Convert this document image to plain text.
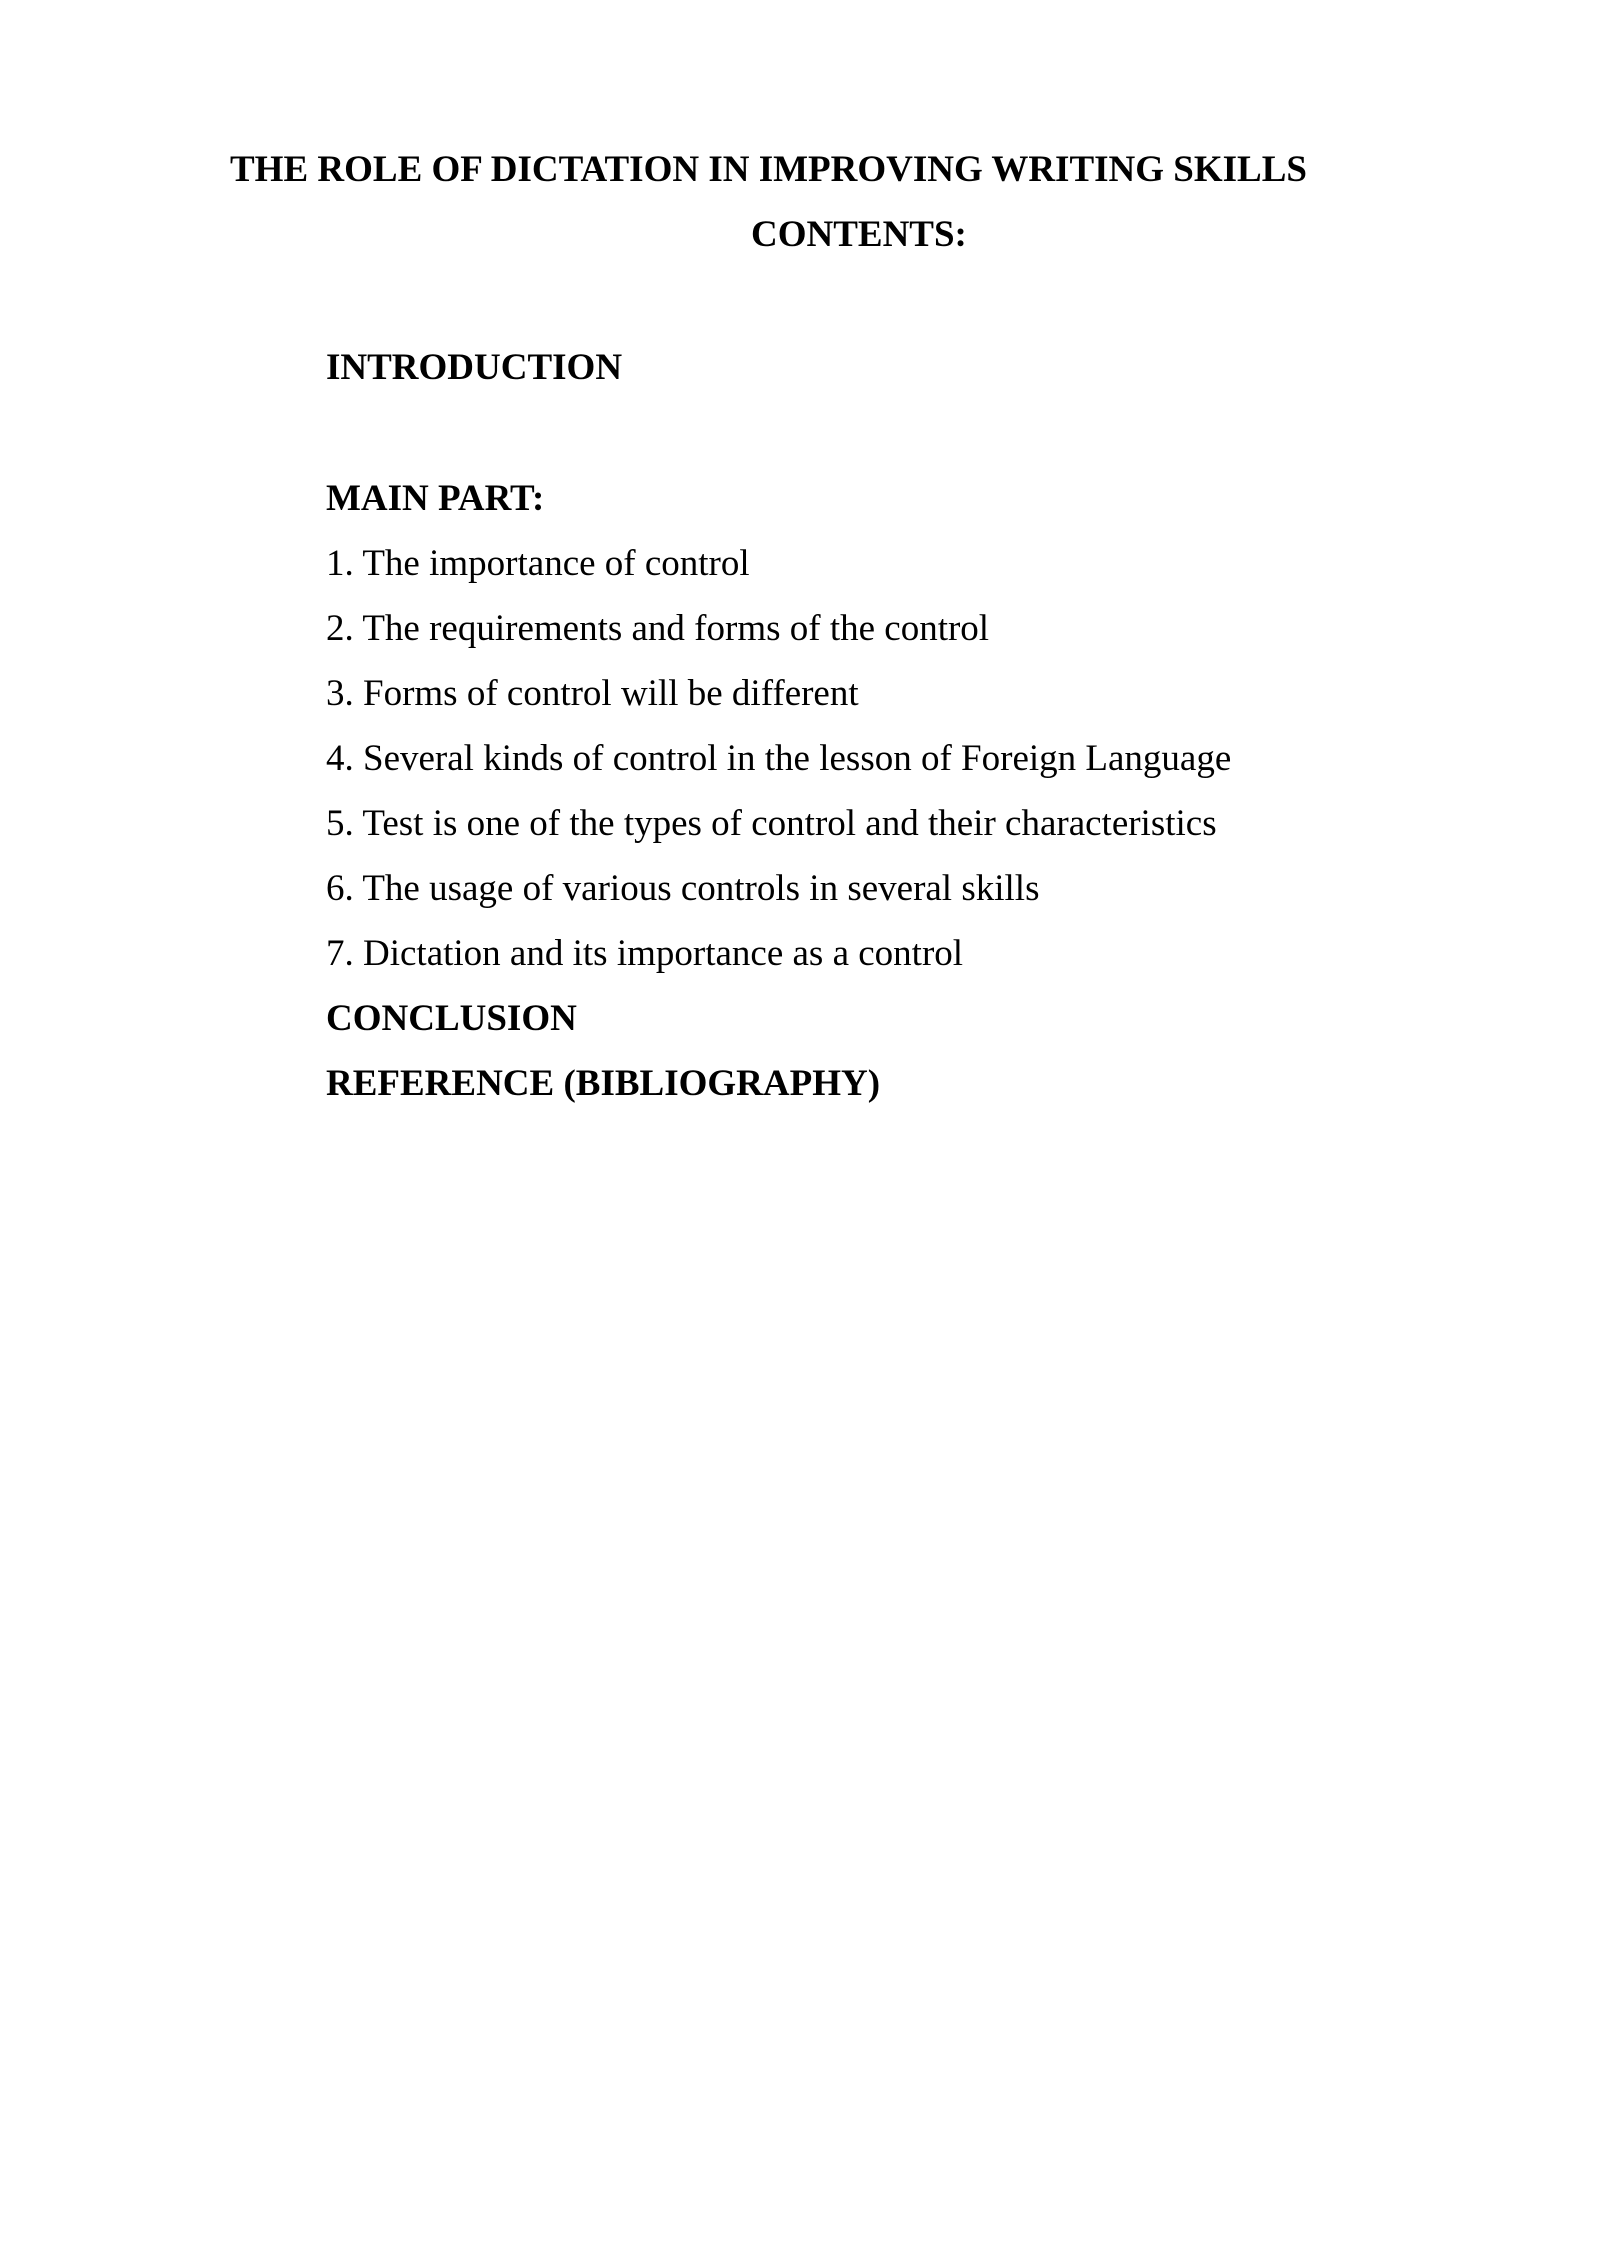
THE ROLE OF DICTATION IN IMPROVING WRITING SKILLS
CONTENTS:
INTRODUCTION
MAIN PART:
1. The importance of control
2. The requirements and forms of the control
3. Forms of control will be different
4. Several kinds of control in the lesson of Foreign Language
5. Test is one of the types of control and their characteristics
6. The usage of various controls in several skills
7. Dictation and its importance as a control
CONCLUSION
REFERENCE (BIBLIOGRAPHY)
